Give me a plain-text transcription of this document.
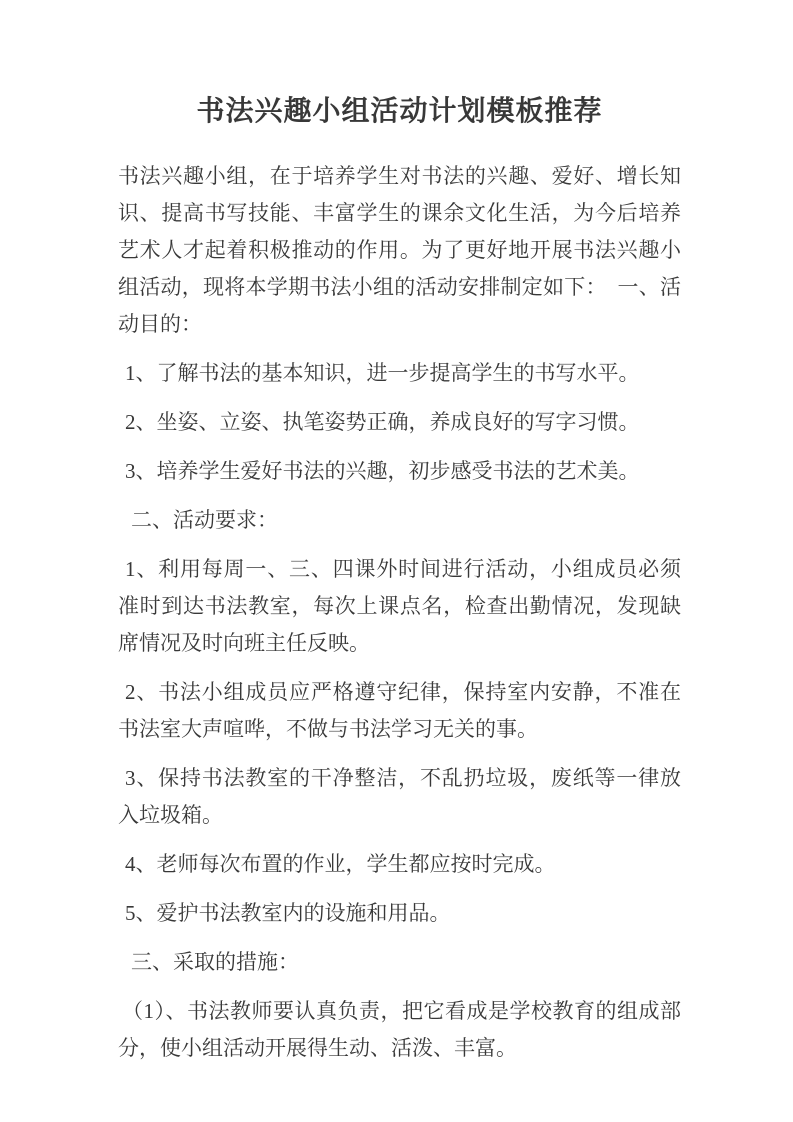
书法兴趣小组活动计划模板推荐

书法兴趣小组，在于培养学生对书法的兴趣、爱好、增长知识、提高书写技能、丰富学生的课余文化生活，为今后培养艺术人才起着积极推动的作用。为了更好地开展书法兴趣小组活动，现将本学期书法小组的活动安排制定如下：　一、活动目的：

1、了解书法的基本知识，进一步提高学生的书写水平。

2、坐姿、立姿、执笔姿势正确，养成良好的写字习惯。

3、培养学生爱好书法的兴趣，初步感受书法的艺术美。

二、活动要求：

1、利用每周一、三、四课外时间进行活动，小组成员必须准时到达书法教室，每次上课点名，检查出勤情况，发现缺席情况及时向班主任反映。

2、书法小组成员应严格遵守纪律，保持室内安静，不准在书法室大声喧哗，不做与书法学习无关的事。

3、保持书法教室的干净整洁，不乱扔垃圾，废纸等一律放入垃圾箱。

4、老师每次布置的作业，学生都应按时完成。

5、爱护书法教室内的设施和用品。

三、采取的措施：

（1）、书法教师要认真负责，把它看成是学校教育的组成部分，使小组活动开展得生动、活泼、丰富。
